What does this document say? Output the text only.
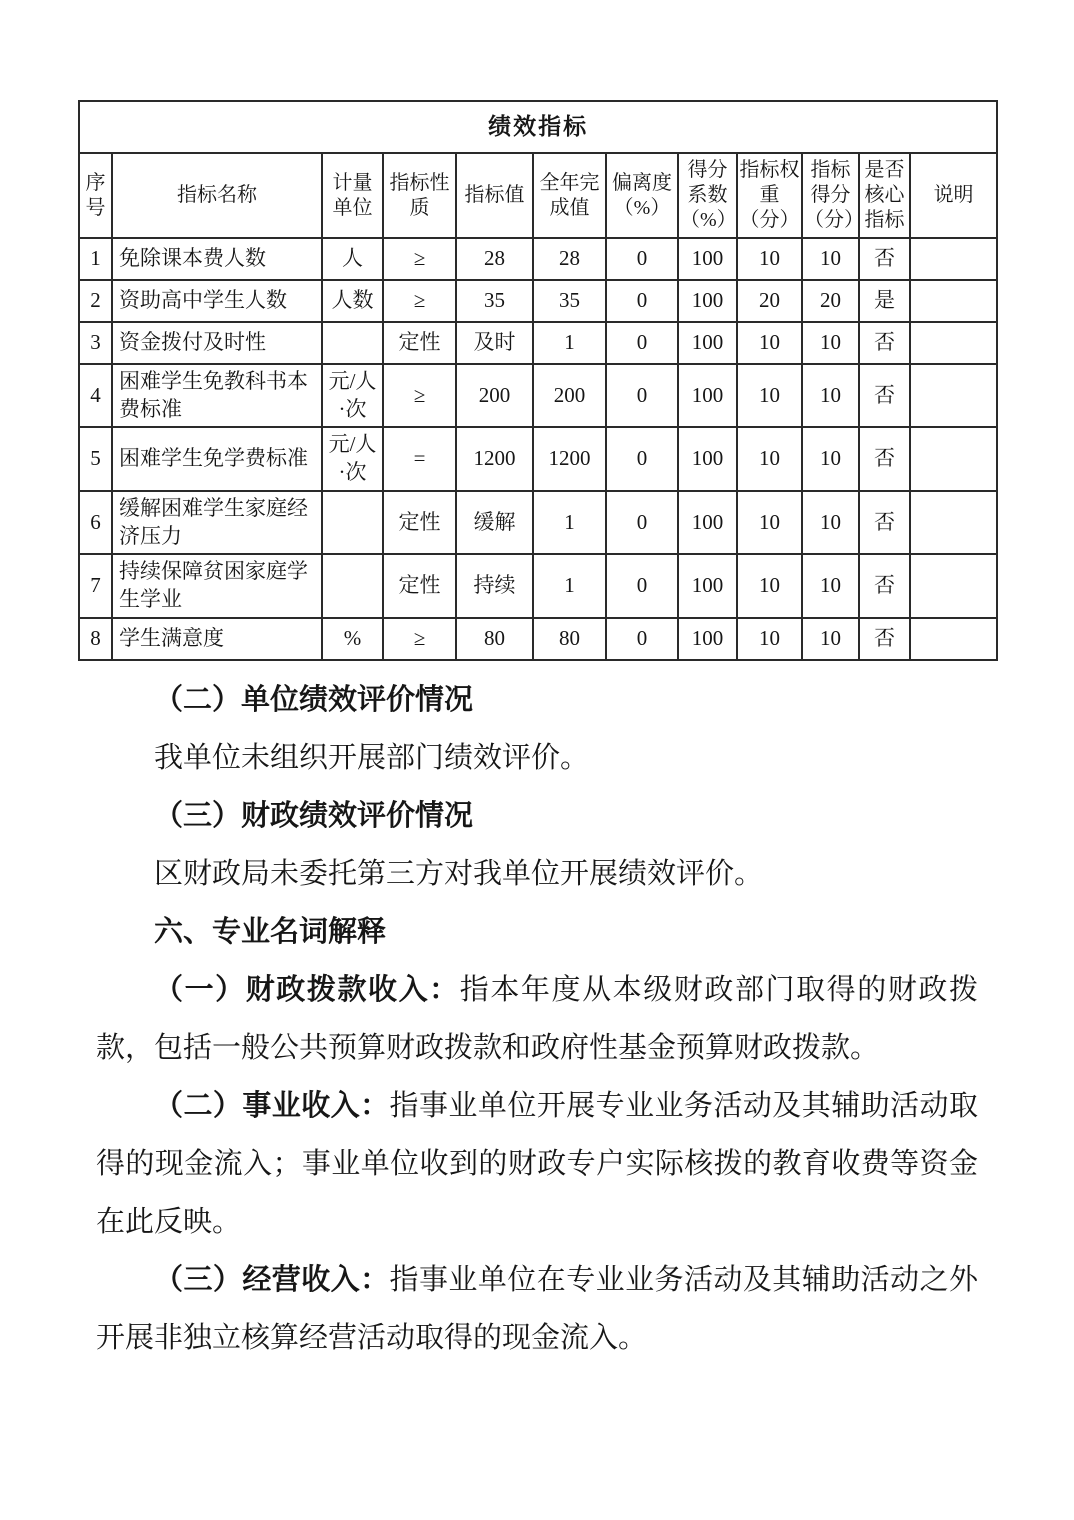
绩效指标											
序号	指标名称	计量单位	指标性质	指标值	全年完成值	偏离度（%）	得分系数（%）	指标权重（分）	指标得分（分）	是否核心指标	说明
1	免除课本费人数	人	≥	28	28	0	100	10	10	否	
2	资助高中学生人数	人数	≥	35	35	0	100	20	20	是	
3	资金拨付及时性		定性	及时	1	0	100	10	10	否	
4	困难学生免教科书本费标准	元/人·次	≥	200	200	0	100	10	10	否	
5	困难学生免学费标准	元/人·次	=	1200	1200	0	100	10	10	否	
6	缓解困难学生家庭经济压力		定性	缓解	1	0	100	10	10	否	
7	持续保障贫困家庭学生学业		定性	持续	1	0	100	10	10	否	
8	学生满意度	%	≥	80	80	0	100	10	10	否	

（二）单位绩效评价情况

我单位未组织开展部门绩效评价。

（三）财政绩效评价情况

区财政局未委托第三方对我单位开展绩效评价。

六、专业名词解释

（一）财政拨款收入：指本年度从本级财政部门取得的财政拨款，包括一般公共预算财政拨款和政府性基金预算财政拨款。

（二）事业收入：指事业单位开展专业业务活动及其辅助活动取得的现金流入；事业单位收到的财政专户实际核拨的教育收费等资金在此反映。

（三）经营收入：指事业单位在专业业务活动及其辅助活动之外开展非独立核算经营活动取得的现金流入。
